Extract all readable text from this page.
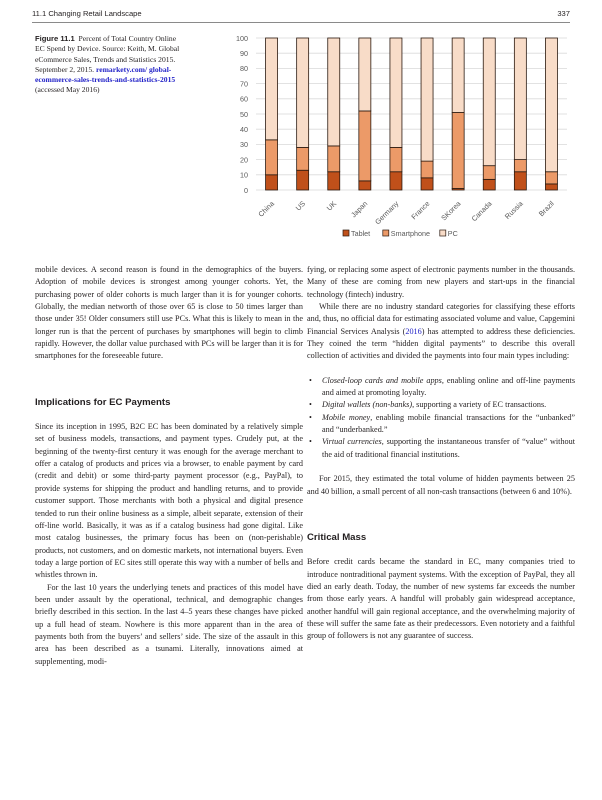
11.1 Changing Retail Landscape	337
Figure 11.1 Percent of Total Country Online EC Spend by Device. Source: Keith, M. Global eCommerce Sales, Trends and Statistics 2015. September 2, 2015. remarkety.com/ global-ecommerce-sales-trends-and-statistics-2015 (accessed May 2016)
0
10
20
30
40
50
60
70
80
90
100
China US UK Japan Germany France SKorea Canada Russia Brazil
Tablet	Smartphone PC

mobile devices. A second reason is found in the demographics of the buyers. Adoption of mobile devices is strongest among younger cohorts. Yet, the purchasing power of older cohorts is much larger than it is for younger cohorts. Globally, the median networth of those over 65 is close to 50 times larger than those under 35! Older consumers still use PCs. What this is likely to mean in the longer run is that the percent of purchases by smartphones will begin to climb rapidly. However, the dollar value purchased with PCs will be larger than it is for smartphones for the foreseeable future.

Implications for EC Payments

Since its inception in 1995, B2C EC has been dominated by a relatively simple set of business models, transactions, and payment types. Crudely put, at the beginning of the twenty-first century it was enough for the average merchant to offer a catalog of products and prices via a browser, to enable payment by card (credit and debit) or some third-party payment processor (e.g., PayPal), to provide systems for shipping the product and handling returns, and to provide customer support. Those merchants with both a physical and digital presence tended to run their online business as a simple, albeit separate, extension of their off-line world. Basically, it was as if a catalog business had gone digital. Like most catalog businesses, the primary focus has been on (non-perishable) products, not customers, and on domestic markets, not international buyers. Even today a large portion of EC sites still operate this way with a number of bells and whistles thrown in.

For the last 10 years the underlying tenets and practices of this model have been under assault by the operational, technical, and demographic changes briefly described in this section. In the last 4–5 years these changes have picked up a full head of steam. Nowhere is this more apparent than in the area of payments both from the buyers’ and sellers’ side. The size of the assault in this area has been described as a tsunami. Literally, innovations aimed at supplementing, modi-

fying, or replacing some aspect of electronic payments number in the thousands. Many of these are coming from new players and start-ups in the financial technology (fintech) industry.

While there are no industry standard categories for classifying these efforts and, thus, no official data for estimating associated volume and value, Capgemini Financial Services Analysis (2016) has attempted to address these deficiencies. They coined the term “hidden digital payments” to describe this overall collection of activities and divided the payments into four main types including:

• Closed-loop cards and mobile apps, enabling online and off-line payments and aimed at promoting loyalty.
• Digital wallets (non-banks), supporting a variety of EC transactions.
• Mobile money, enabling mobile financial transactions for the “unbanked” and “underbanked.”
• Virtual currencies, supporting the instantaneous transfer of “value” without the aid of traditional financial institutions.

For 2015, they estimated the total volume of hidden payments between 25 and 40 billion, a small percent of all non-cash transactions (between 6 and 10%).

Critical Mass

Before credit cards became the standard in EC, many companies tried to introduce nontraditional payment systems. With the exception of PayPal, they all died an early death. Today, the number of new systems far exceeds the number from those early years. A handful will probably gain widespread acceptance, another handful will gain regional acceptance, and the overwhelming majority of these will suffer the same fate as their predecessors. Even notoriety and a faithful group of followers is not any guarantee of success.
